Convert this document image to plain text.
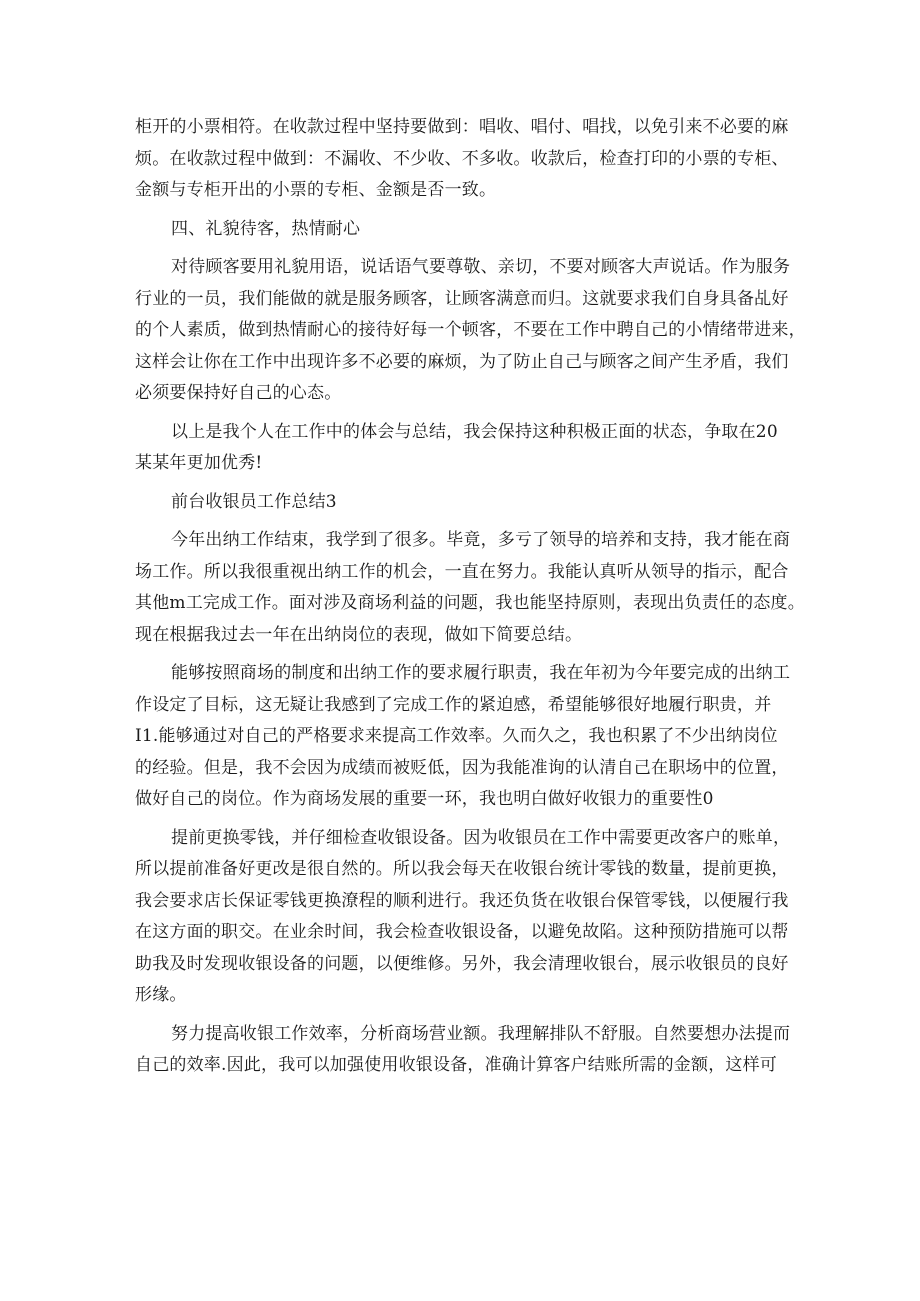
柜开的小票相符。在收款过程中坚持要做到：唱收、唱付、唱找，以免引来不必要的麻
烦。在收款过程中做到：不漏收、不少收、不多收。收款后，检查打印的小票的专柜、
金额与专柜开出的小票的专柜、金额是否一致。

四、礼貌待客，热情耐心

对待顾客要用礼貌用语，说话语气要尊敬、亲切，不要对顾客大声说话。作为服务
行业的一员，我们能做的就是服务顾客，让顾客满意而归。这就要求我们自身具备乩好
的个人素质，做到热情耐心的接待好每一个顿客，不要在工作中聘自己的小情绪带进来，
这样会让你在工作中出现许多不必要的麻烦，为了防止自己与顾客之间产生矛盾，我们
必须要保持好自己的心态。

以上是我个人在工作中的体会与总结，我会保持这种积极正面的状态，争取在20
某某年更加优秀!

前台收银员工作总结3

今年出纳工作结束，我学到了很多。毕竟，多亏了领导的培养和支持，我才能在商
场工作。所以我很重视出纳工作的机会，一直在努力。我能认真听从领导的指示，配合
其他m工完成工作。面对涉及商场利益的问题，我也能坚持原则，表现出负责任的态度。
现在根据我过去一年在出纳岗位的表现，做如下简要总结。

能够按照商场的制度和出纳工作的要求履行职责，我在年初为今年要完成的出纳工
作设定了目标，这无疑让我感到了完成工作的紧迫感，希望能够很好地履行职贵，并
I1.能够通过对自己的严格要求来提高工作效率。久而久之，我也积累了不少出纳岗位
的经验。但是，我不会因为成绩而被贬低，因为我能准询的认清自己在职场中的位置，
做好自己的岗位。作为商场发展的重要一环，我也明白做好收银力的重要性0

提前更换零钱，并仔细检查收银设备。因为收银员在工作中需要更改客户的账单，
所以提前准备好更改是很自然的。所以我会每天在收银台统计零钱的数量，提前更换，
我会要求店长保证零钱更换潦程的顺利进行。我还负货在收银台保管零钱，以便履行我
在这方面的职交。在业余时间，我会检查收银设备，以避免故陷。这种预防措施可以帮
助我及时发现收银设备的问题，以便维修。另外，我会清理收银台，展示收银员的良好
形缘。

努力提高收银工作效率，分析商场营业额。我理解排队不舒服。自然要想办法提而
自己的效率.因此，我可以加强使用收银设备，准确计算客户结账所需的金额，这样可
